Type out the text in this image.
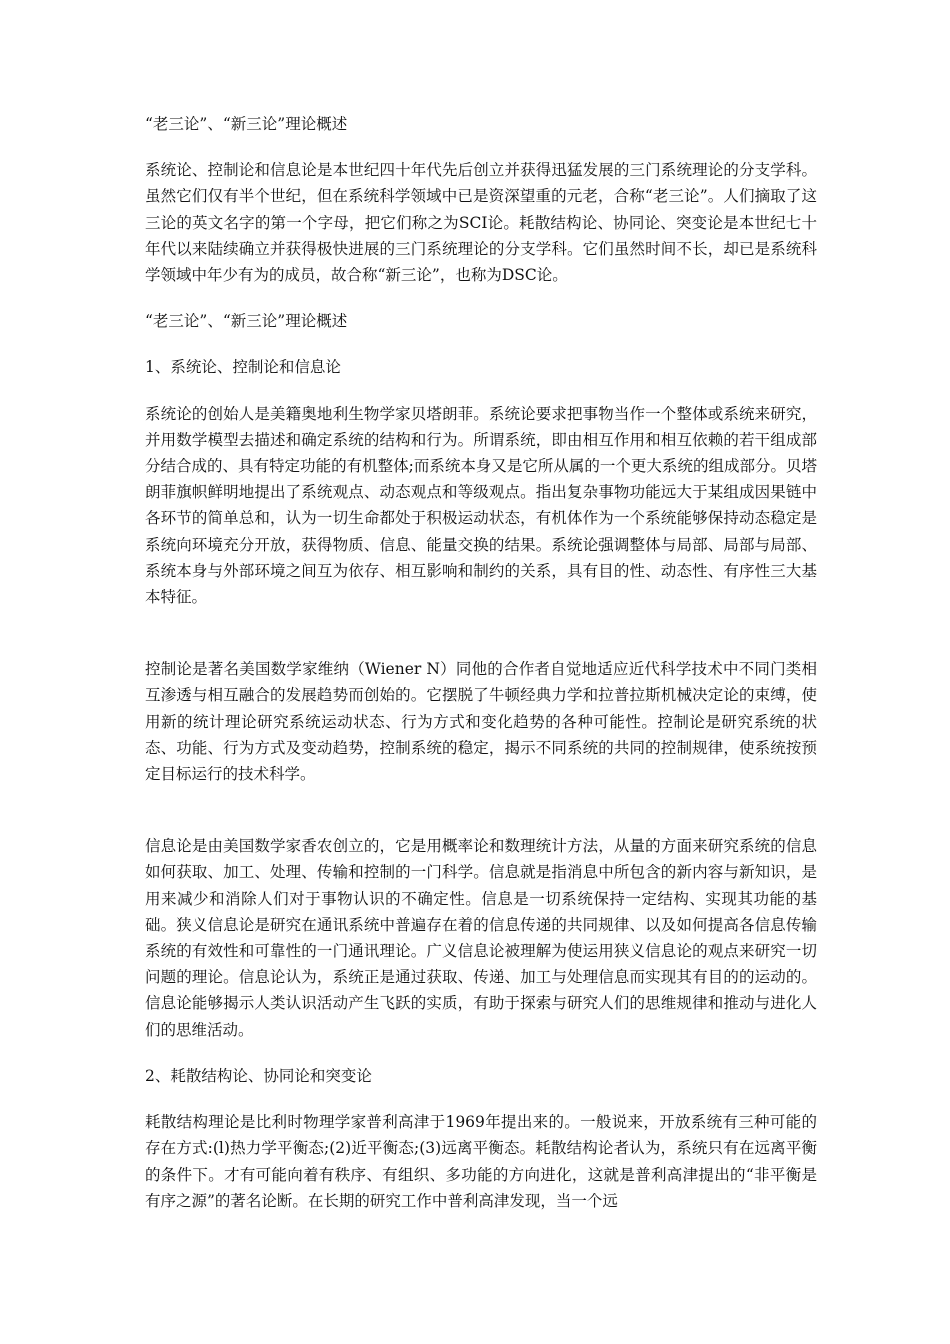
“老三论”、“新三论”理论概述

系统论、控制论和信息论是本世纪四十年代先后创立并获得迅猛发展的三门系统理论的分支学科。虽然它们仅有半个世纪，但在系统科学领域中已是资深望重的元老，合称“老三论”。人们摘取了这三论的英文名字的第一个字母，把它们称之为SCI论。耗散结构论、协同论、突变论是本世纪七十年代以来陆续确立并获得极快进展的三门系统理论的分支学科。它们虽然时间不长，却已是系统科学领域中年少有为的成员，故合称“新三论”，也称为DSC论。

“老三论”、“新三论”理论概述

1、系统论、控制论和信息论

系统论的创始人是美籍奥地利生物学家贝塔朗菲。系统论要求把事物当作一个整体或系统来研究，并用数学模型去描述和确定系统的结构和行为。所谓系统，即由相互作用和相互依赖的若干组成部分结合成的、具有特定功能的有机整体;而系统本身又是它所从属的一个更大系统的组成部分。贝塔朗菲旗帜鲜明地提出了系统观点、动态观点和等级观点。指出复杂事物功能远大于某组成因果链中各环节的简单总和，认为一切生命都处于积极运动状态，有机体作为一个系统能够保持动态稳定是系统向环境充分开放，获得物质、信息、能量交换的结果。系统论强调整体与局部、局部与局部、系统本身与外部环境之间互为依存、相互影响和制约的关系，具有目的性、动态性、有序性三大基本特征。

控制论是著名美国数学家维纳（Wiener N）同他的合作者自觉地适应近代科学技术中不同门类相互渗透与相互融合的发展趋势而创始的。它摆脱了牛顿经典力学和拉普拉斯机械决定论的束缚，使用新的统计理论研究系统运动状态、行为方式和变化趋势的各种可能性。控制论是研究系统的状态、功能、行为方式及变动趋势，控制系统的稳定，揭示不同系统的共同的控制规律，使系统按预定目标运行的技术科学。

信息论是由美国数学家香农创立的，它是用概率论和数理统计方法，从量的方面来研究系统的信息如何获取、加工、处理、传输和控制的一门科学。信息就是指消息中所包含的新内容与新知识，是用来减少和消除人们对于事物认识的不确定性。信息是一切系统保持一定结构、实现其功能的基础。狭义信息论是研究在通讯系统中普遍存在着的信息传递的共同规律、以及如何提高各信息传输系统的有效性和可靠性的一门通讯理论。广义信息论被理解为使运用狭义信息论的观点来研究一切问题的理论。信息论认为，系统正是通过获取、传递、加工与处理信息而实现其有目的的运动的。信息论能够揭示人类认识活动产生飞跃的实质，有助于探索与研究人们的思维规律和推动与进化人们的思维活动。

2、耗散结构论、协同论和突变论

耗散结构理论是比利时物理学家普利高津于1969年提出来的。一般说来，开放系统有三种可能的存在方式:(l)热力学平衡态;(2)近平衡态;(3)远离平衡态。耗散结构论者认为，系统只有在远离平衡的条件下。才有可能向着有秩序、有组织、多功能的方向进化，这就是普利高津提出的“非平衡是有序之源”的著名论断。在长期的研究工作中普利高津发现，当一个远
